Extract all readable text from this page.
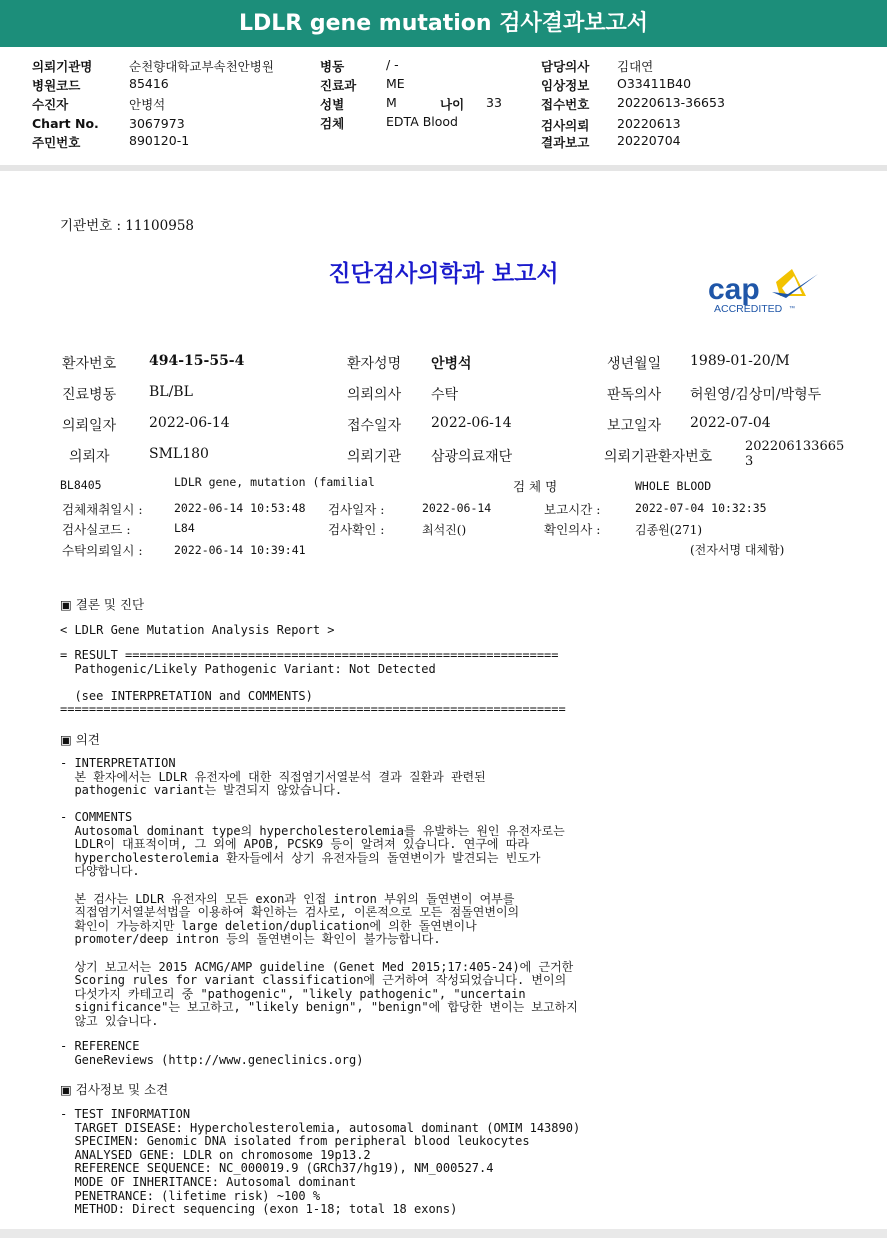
LDLR gene mutation 검사결과보고서
의뢰기관명	순천향대학교부속천안병원
병원코드	85416
수진자	안병석
Chart No. 3067973
주민번호	890120-1
병동	/ -
진료과 ME
성별	M	나이 33
검체	EDTA Blood
담당의사 김대연
임상정보 O33411B40
접수번호 20220613-36653
검사의뢰 20220613
결과보고 20220704
기관번호 : 11100958
진단검사의학과 보고서	cap
ACCREDITED ™
환자번호 494-15-55-4	환자성명 안병석	생년월일 1989-01-20/M
진료병동 BL/BL	의뢰의사 수탁	판독의사 허원영/김상미/박형두
의뢰일자 2022-06-14	접수일자 2022-06-14	보고일자 2022-07-04
의뢰자	SML180	의뢰기관 삼광의료재단	의뢰기관환자번호
202206133665
3
BL8405	LDLR gene, mutation (familial	검 체 명	WHOLE BLOOD
검체채취일시 :	2022-06-14 10:53:48 검사일자 :	2022-06-14	보고시간 :	2022-07-04 10:32:35
검사실코드 :	L84	검사확인 :	최석진()	확인의사 :	김종원(271)
수탁의뢰일시 :	2022-06-14 10:39:41	(전자서명 대체함)
▣ 결론 및 진단
< LDLR Gene Mutation Analysis Report >
= RESULT ============================================================
Pathogenic/Likely Pathogenic Variant: Not Detected

(see INTERPRETATION and COMMENTS)
======================================================================
▣ 의견
- INTERPRETATION
본 환자에서는 LDLR 유전자에 대한 직접염기서열분석 결과 질환과 관련된
pathogenic variant는 발견되지 않았습니다.
- COMMENTS
Autosomal dominant type의 hypercholesterolemia를 유발하는 원인 유전자로는
LDLR이 대표적이며, 그 외에 APOB, PCSK9 등이 알려져 있습니다. 연구에 따라
hypercholesterolemia 환자들에서 상기 유전자들의 돌연변이가 발견되는 빈도가
다양합니다.

본 검사는 LDLR 유전자의 모든 exon과 인접 intron 부위의 돌연변이 여부를
직접염기서열분석법을 이용하여 확인하는 검사로, 이론적으로 모든 점돌연변이의
확인이 가능하지만 large deletion/duplication에 의한 돌연변이나
promoter/deep intron 등의 돌연변이는 확인이 불가능합니다.

상기 보고서는 2015 ACMG/AMP guideline (Genet Med 2015;17:405-24)에 근거한
Scoring rules for variant classification에 근거하여 작성되었습니다. 변이의
다섯가지 카테고리 중 "pathogenic", "likely pathogenic", "uncertain
significance"는 보고하고, "likely benign", "benign"에 합당한 변이는 보고하지
않고 있습니다.
- REFERENCE
GeneReviews (http://www.geneclinics.org)
▣ 검사정보 및 소견
- TEST INFORMATION
TARGET DISEASE: Hypercholesterolemia, autosomal dominant (OMIM 143890)
SPECIMEN: Genomic DNA isolated from peripheral blood leukocytes
ANALYSED GENE: LDLR on chromosome 19p13.2
REFERENCE SEQUENCE: NC_000019.9 (GRCh37/hg19), NM_000527.4
MODE OF INHERITANCE: Autosomal dominant
PENETRANCE: (lifetime risk) ~100 %
METHOD: Direct sequencing (exon 1-18; total 18 exons)
